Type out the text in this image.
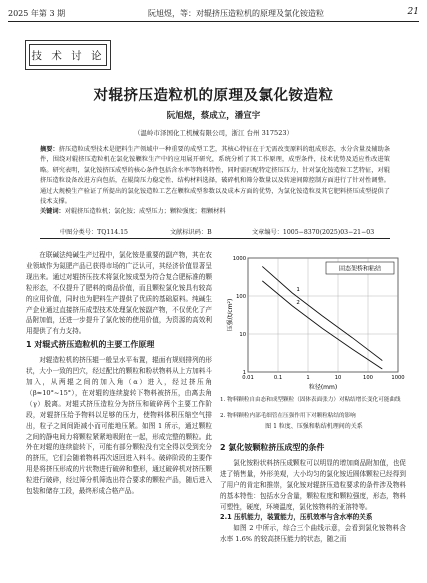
2025 年第 3 期	阮旭煜，等：对辊挤压造粒机的原理及氯化铵造粒	21
技 术 讨 论
对辊挤压造粒机的原理及氯化铵造粒
阮旭煜，蔡成立，潘宣宇
（温岭市泽国化工机械有限公司，浙江 台州 317523）
摘要：挤压造粒成型技术是肥料生产领域中一种重要的成型工艺，其核心特征在于无需改变原料的组成形态，水分含量及辅助条件，围绕对辊挤压造粒机在氯化铵颗粒生产中的应用展开研究，系统分析了其工作原理，成型条件，技术优势及适应性改进策略。研究表明，氯化铵挤压成型的核心条件包括含水率等物料特性，同时需匹配特定挤压压力，针对氯化铵造粒工艺特征，对辊挤压造粒设备改进方向包括，在辊筒压力稳定性、结构材料选择，破碎机和筛分数量以及转速间隙控制方面进行了针对性调整。通过大规模生产验证了所提出的氯化铵造粒工艺在颗粒成型参数以及成本方面的优势，为氯化铵造粒及其它肥料挤压成型提供了技术支撑。
关键词：对辊挤压造粒机；氯化铵；成型压力；颗粒强度；粗颗材料
中图分类号：TQ114.15	文献标识码：B	文章编号：1005−8370(2025)03−21−03

在联碱法纯碱生产过程中，氯化铵是重要的副产物，其在农业领域作为氮肥产品已获得市场的广泛认可，其经济价值显著呈现出来。通过对辊挤压技术将氯化铵成型为符合复合肥标准的颗粒形态，不仅提升了肥料的商品价值，而且颗粒氯化铵具有较高的应用价值，同时也为肥料生产提供了优质的基础原料。纯碱生产企业通过直接挤压成型技术处理氯化铵副产物，不仅优化了产品附加值，还进一步提升了氯化铵的使用价值，为资源的高效利用提供了有力支持。

1 对辊式挤压造粒机的主要工作原理

对辊造粒机的挤压辊一般呈水平布置，辊面有规则排列的形状，大小一致的凹穴，经过配比的颗粒和粉状物料从上方加料斗加入，从两辊之间的加入角（α）进入，经过挤压角（β≈10°~15°），在对辊的连续旋转下物料被挤压，由离去角（γ）脱离。对辊式挤压造粒分为挤压和破碎两个主要工作阶段，对辊挤压给予物料以足够的压力，使物料体积压缩空气排出，粒子之间间距减小而可能地压紧。如图 1 所示，通过颗粒之间的静电间力将颗粒紧紧地吸附在一起，形成完整的颗粒。此外在对辊的连续旋转下，可能有部分颗粒没有完全得以受到充分的挤压，它们会随着物料再次返回进入料斗。破碎阶段的主要作用是将挤压形成的片状物进行破碎和整形，通过破碎机对挤压颗粒进行破碎，经过筛分机筛选出符合要求的颗粒产品，随后进入包装和储存工段，最终形成合格产品。

1
2
0.01	0.1	1	10	100	1000
1
10
100
1000
固态架桥和粘结
压强(t/cm²)
粒径(mm)
1. 物料颗粒自由态和成型颗粒（固体表面张力）对粘结增长变化可能曲线
2. 物料颗粒内部毛细管在压强作用下对颗粒粘结的影响
图 1 粒度、压强和粘结机理间的关系

2 氯化铵颗粒挤压成型的条件

氯化铵粉状料挤压成颗粒可以明显的增加商品附加值，也促进了销售量，外形美观，大小均匀的氯化铵近圆体颗粒已经得到了用户的肯定和推崇，氯化铵对辊挤压造粒要求的条件涉及物料的基本特性：包括水分含量，颗粒粒度和颗粒强度，形态，物料可塑性，硬度，环境温度，氯化铵物料的亚溶特等。

2.1 压机能力，装置能力，压机效率与含水率的关系

如图 2 中所示，综合三个曲线示意，会看到氯化铵物料含水率 1.6% 的较高挤压能力的状态，随之而
